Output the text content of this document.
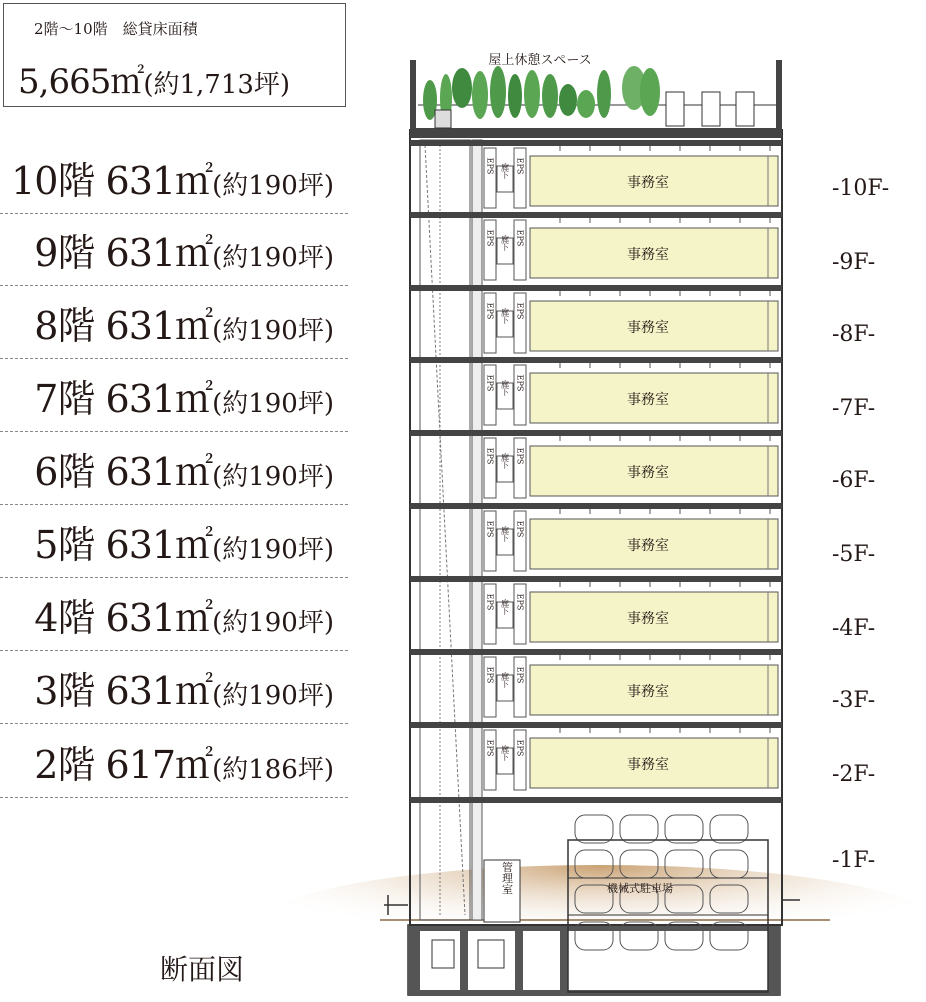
2階～10階　総貸床面積
5,665㎡(約1,713坪)
10階 631㎡(約190坪)
9階 631㎡(約190坪)
8階 631㎡(約190坪)
7階 631㎡(約190坪)
6階 631㎡(約190坪)
5階 631㎡(約190坪)
4階 631㎡(約190坪)
3階 631㎡(約190坪)
2階 617㎡(約186坪)
屋上休憩スペース
事務室
EPS	EPS
廊下
事務室
EPS	EPS
廊下
事務室
EPS	EPS
廊下
事務室
EPS	EPS
廊下
事務室
EPS	EPS
廊下
事務室
EPS	EPS
廊下
事務室
EPS	EPS
廊下
事務室
EPS	EPS
廊下
事務室
EPS	EPS
廊下
管理室	機械式駐車場
-10F-
-9F-
-8F-
-7F-
-6F-
-5F-
-4F-
-3F-
-2F-
-1F-
断面図
